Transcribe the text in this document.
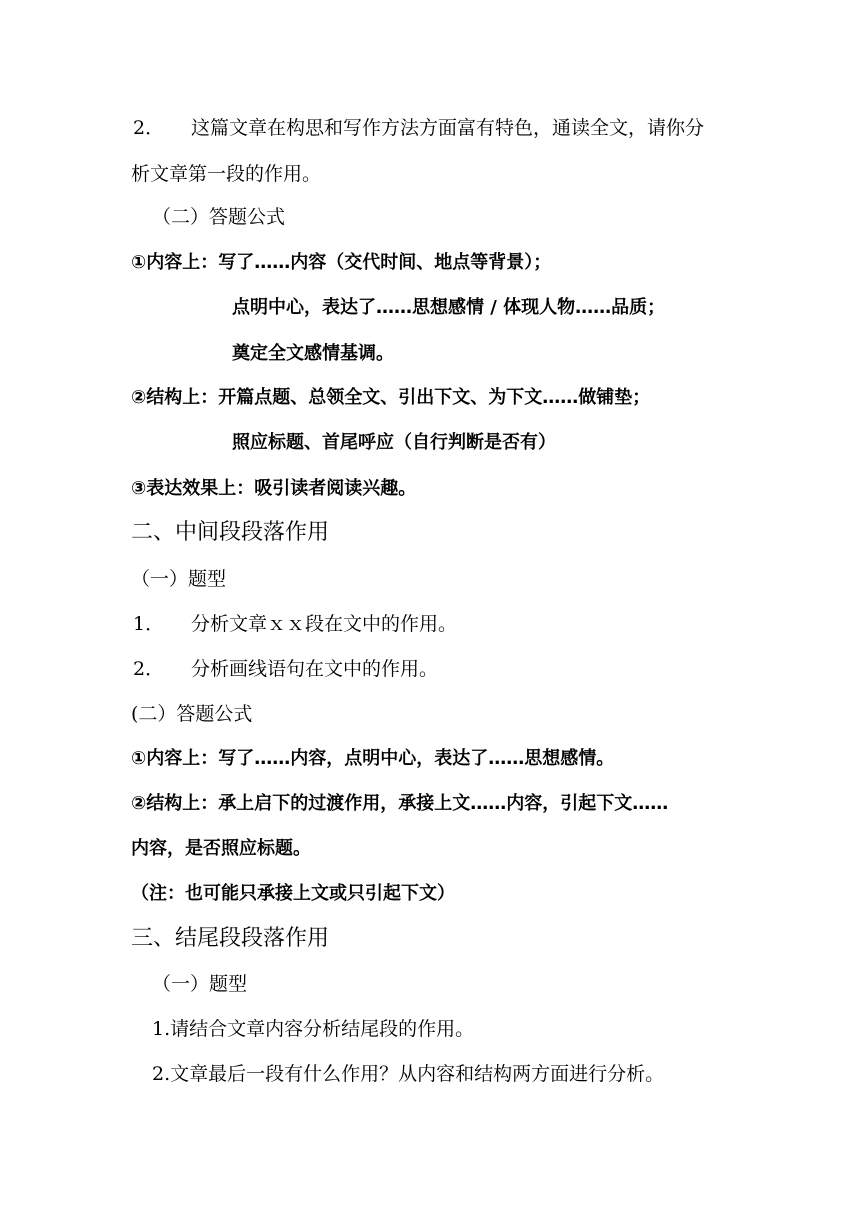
2． 这篇文章在构思和写作方法方面富有特色，通读全文，请你分
析文章第一段的作用。
（二）答题公式
①内容上：写了……内容（交代时间、地点等背景）；
点明中心，表达了……思想感情 / 体现人物……品质；
奠定全文感情基调。
②结构上：开篇点题、总领全文、引出下文、为下文……做铺垫；
照应标题、首尾呼应（自行判断是否有）
③表达效果上：吸引读者阅读兴趣。
二、中间段段落作用
（一）题型
1． 分析文章ｘｘ段在文中的作用。
2． 分析画线语句在文中的作用。
(二）答题公式
①内容上：写了……内容，点明中心，表达了……思想感情。
②结构上：承上启下的过渡作用，承接上文……内容，引起下文……
内容，是否照应标题。
（注：也可能只承接上文或只引起下文）
三、结尾段段落作用
（一）题型
1.请结合文章内容分析结尾段的作用。
2.文章最后一段有什么作用？从内容和结构两方面进行分析。
